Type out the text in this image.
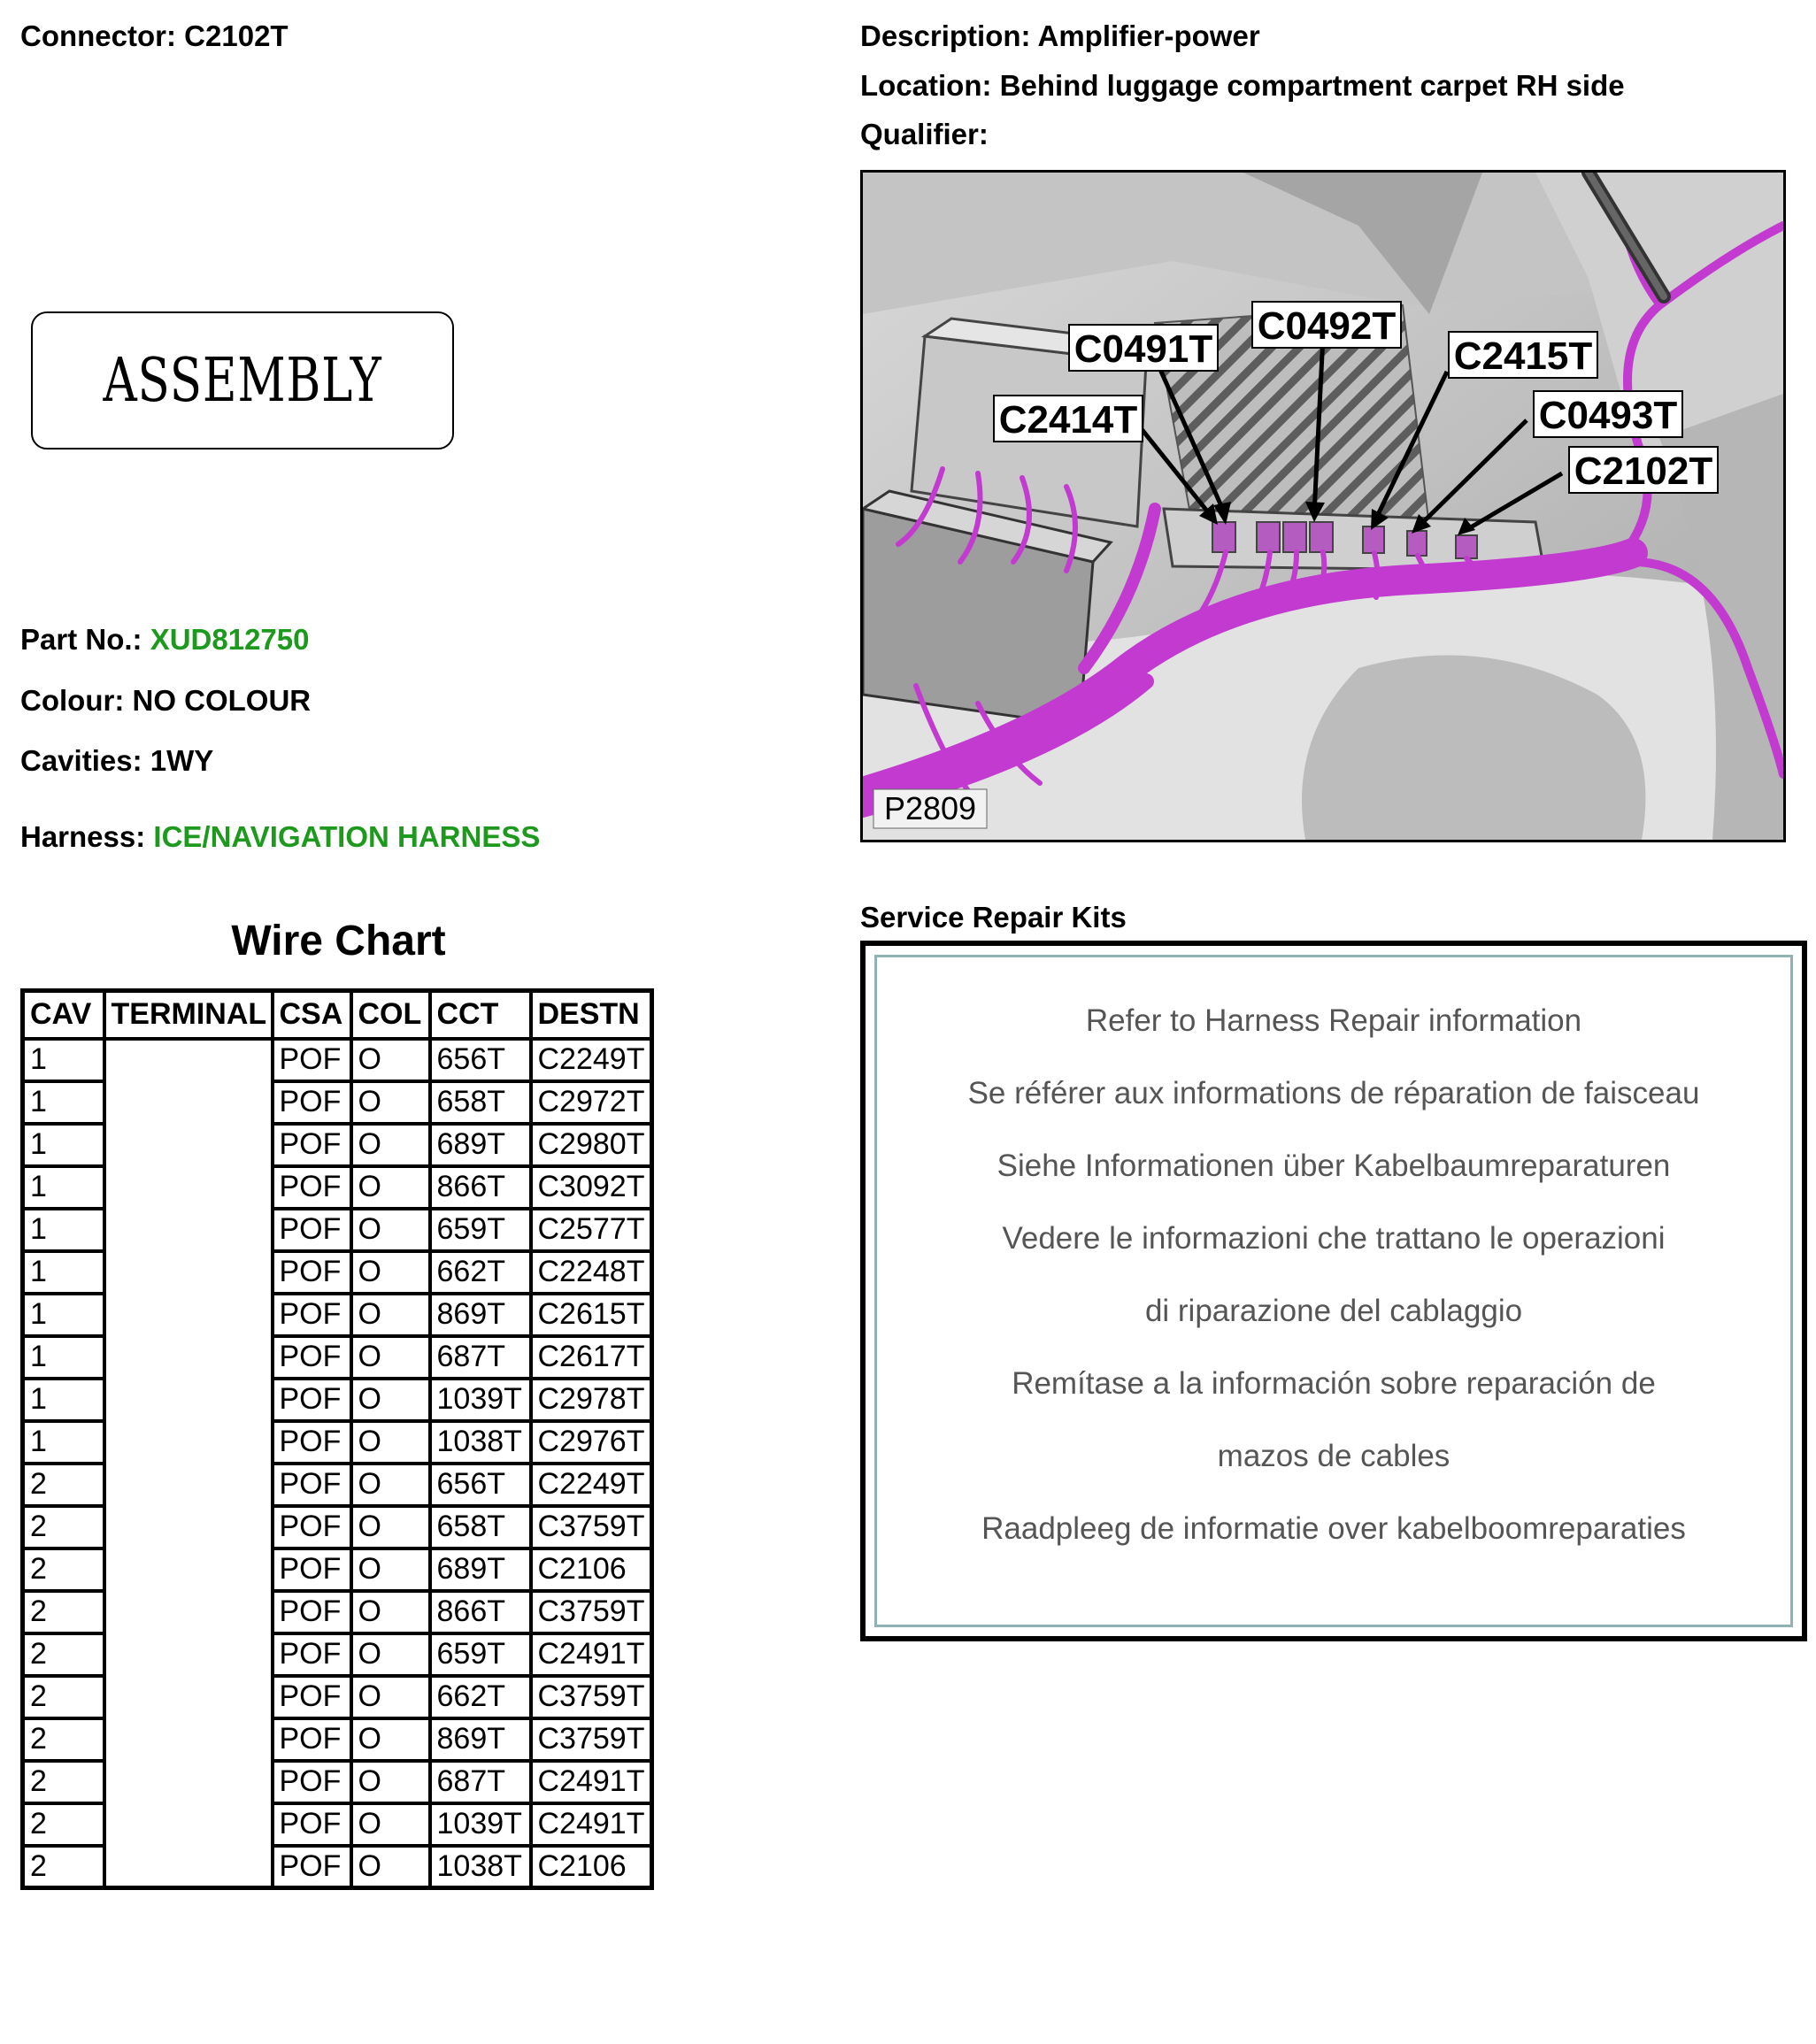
Connector: C2102T	Description: Amplifier-power
Location: Behind luggage compartment carpet RH side
Qualifier:
ASSEMBLY
Part No.: XUD812750
Colour: NO COLOUR
Cavities: 1WY
Harness: ICE/NAVIGATION HARNESS
Wire Chart
CAV	TERMINAL	CSA	COL	CCT	DESTN
1		POF	O	656T	C2249T
1		POF	O	658T	C2972T
1		POF	O	689T	C2980T
1		POF	O	866T	C3092T
1		POF	O	659T	C2577T
1		POF	O	662T	C2248T
1		POF	O	869T	C2615T
1		POF	O	687T	C2617T
1		POF	O	1039T	C2978T
1		POF	O	1038T	C2976T
2		POF	O	656T	C2249T
2		POF	O	658T	C3759T
2		POF	O	689T	C2106
2		POF	O	866T	C3759T
2		POF	O	659T	C2491T
2		POF	O	662T	C3759T
2		POF	O	869T	C3759T
2		POF	O	687T	C2491T
2		POF	O	1039T	C2491T
2		POF	O	1038T	C2106
C0491T
C0492T
C2415T
C2414T	C0493T
C2102T
P2809
Service Repair Kits
Refer to Harness Repair information
Se référer aux informations de réparation de faisceau
Siehe Informationen über Kabelbaumreparaturen
Vedere le informazioni che trattano le operazioni
di riparazione del cablaggio
Remítase a la información sobre reparación de
mazos de cables
Raadpleeg de informatie over kabelboomreparaties
